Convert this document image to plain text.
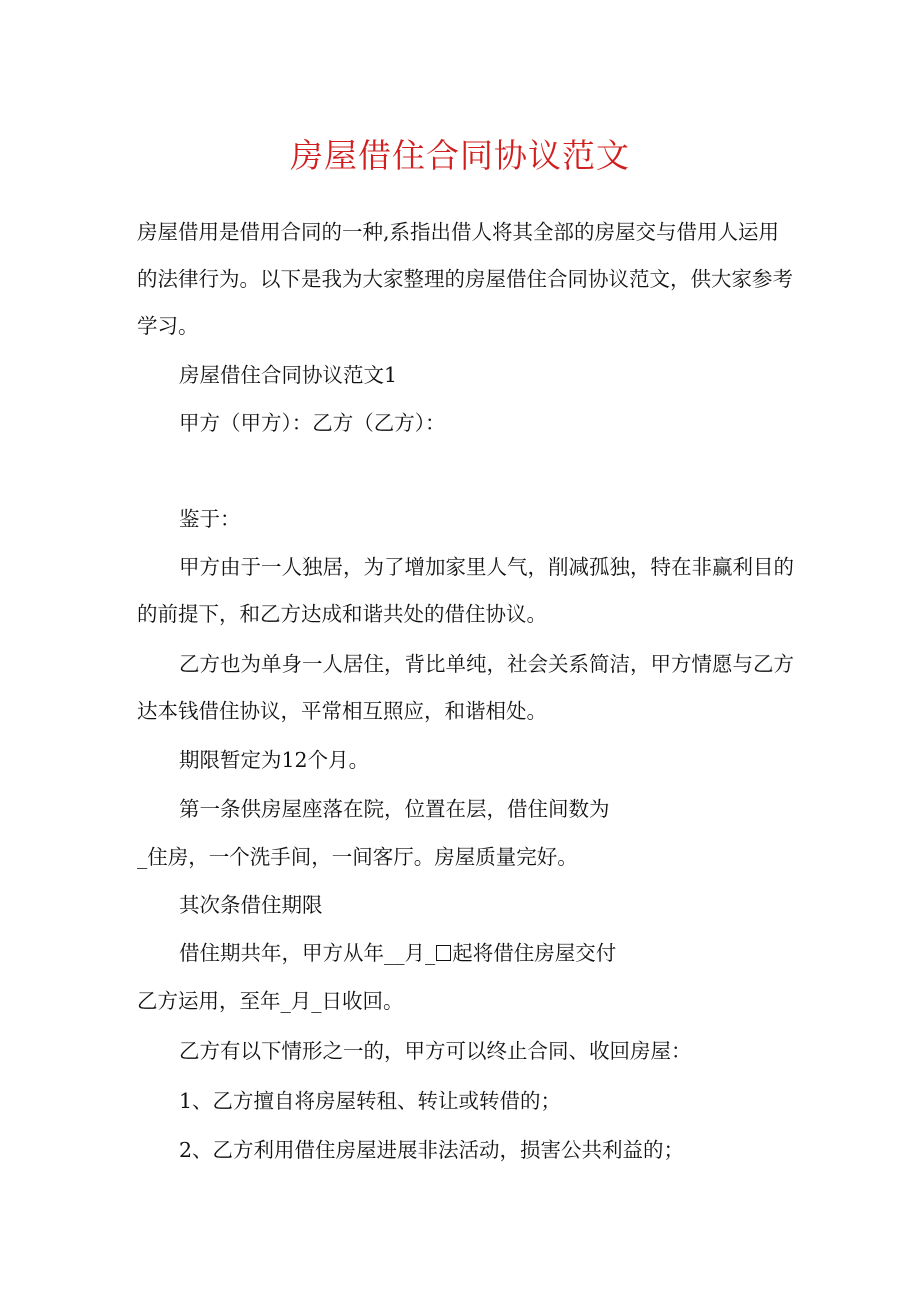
房屋借住合同协议范文
房屋借用是借用合同的一种,系指出借人将其全部的房屋交与借用人运用
的法律行为。以下是我为大家整理的房屋借住合同协议范文，供大家参考
学习。
房屋借住合同协议范文1
甲方（甲方）：乙方（乙方）：
鉴于：
甲方由于一人独居，为了增加家里人气，削减孤独，特在非赢利目的
的前提下，和乙方达成和谐共处的借住协议。
乙方也为单身一人居住，背比单纯，社会关系简洁，甲方情愿与乙方
达本钱借住协议，平常相互照应，和谐相处。
期限暂定为12个月。
第一条供房屋座落在院，位置在层，借住间数为
_住房，一个洗手间，一间客厅。房屋质量完好。
其次条借住期限
借住期共年，甲方从年__月_ 起将借住房屋交付
乙方运用，至年_月_日收回。
乙方有以下情形之一的，甲方可以终止合同、收回房屋：
1、乙方擅自将房屋转租、转让或转借的；
2、乙方利用借住房屋进展非法活动，损害公共利益的；
